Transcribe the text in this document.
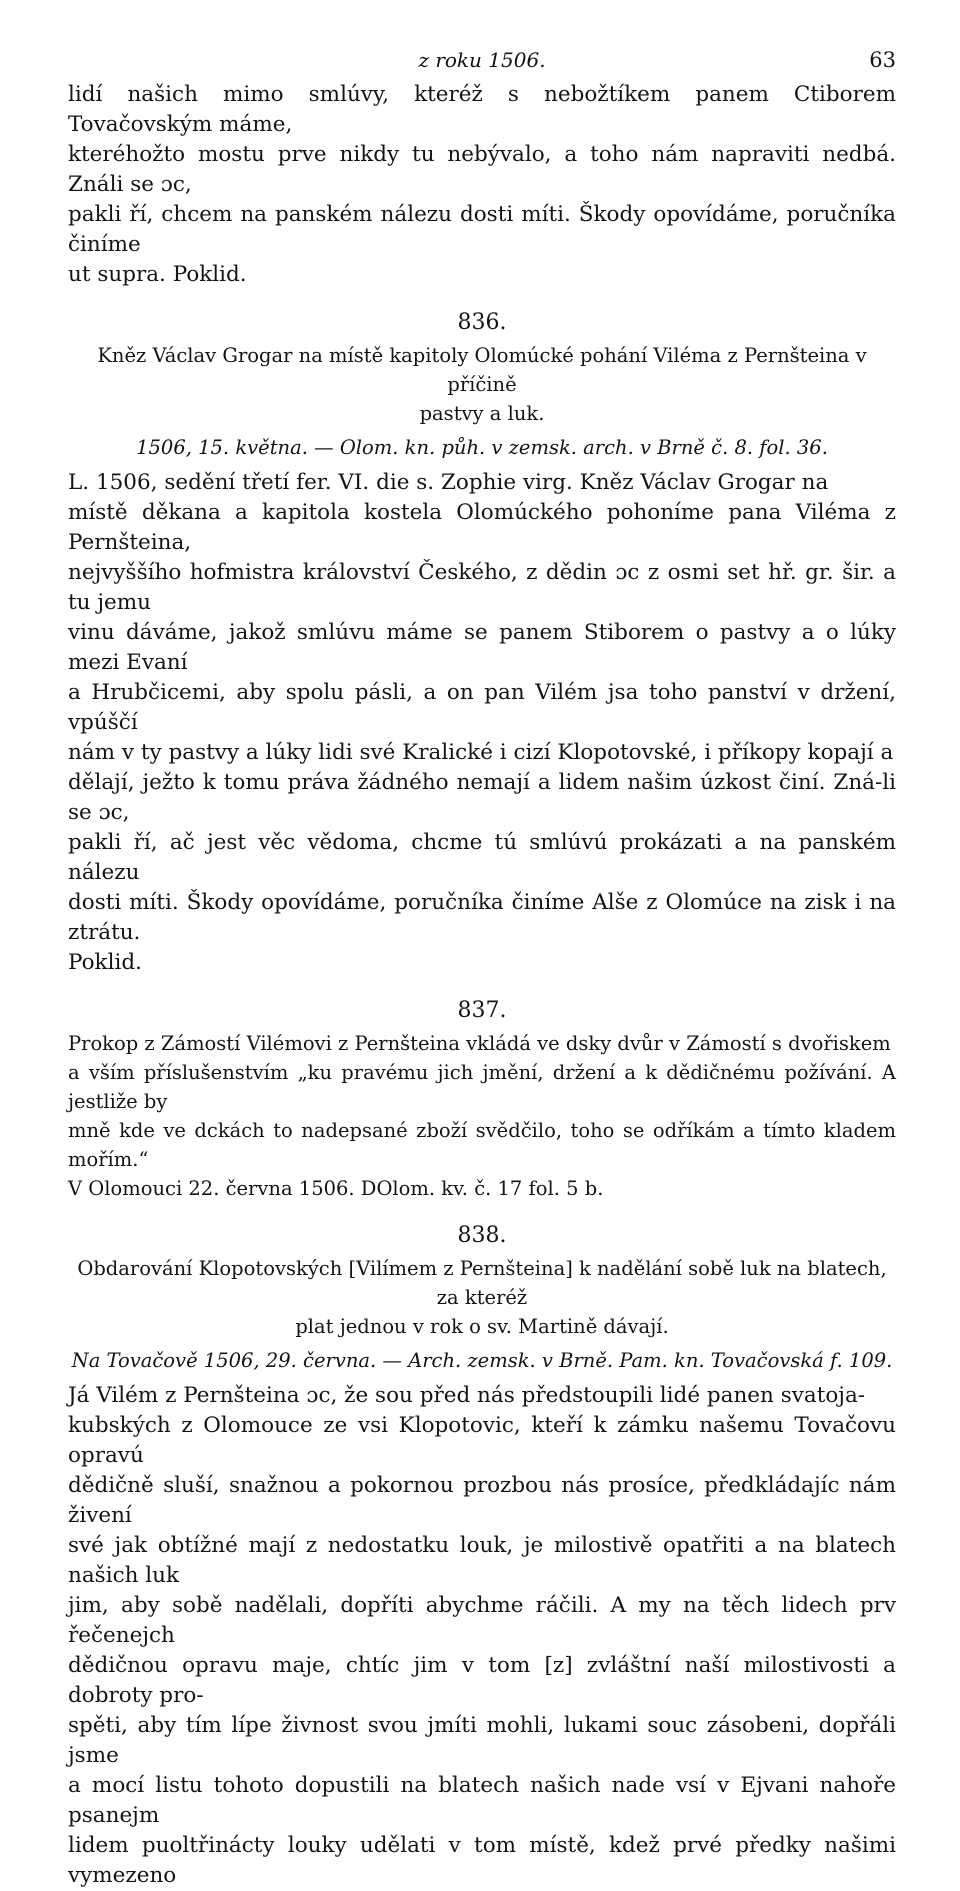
z roku 1506.	63

lidí našich mimo smlúvy, kteréž s nebožtíkem panem Ctiborem Tovačovským máme,
kteréhožto mostu prve nikdy tu nebývalo, a toho nám napraviti nedbá. Ználi se ɔc,
pakli ří, chcem na panském nálezu dosti míti. Škody opovídáme, poručníka činíme
ut supra. Poklid.

836.
Kněz Václav Grogar na místě kapitoly Olomúcké pohání Viléma z Pernšteina v příčině
pastvy a luk.
1506, 15. května. — Olom. kn. půh. v zemsk. arch. v Brně č. 8. fol. 36.

L. 1506, sedění třetí fer. VI. die s. Zophie virg. Kněz Václav Grogar na
místě děkana a kapitola kostela Olomúckého pohoníme pana Viléma z Pernšteina,
nejvyššího hofmistra království Českého, z dědin ɔc z osmi set hř. gr. šir. a tu jemu
vinu dáváme, jakož smlúvu máme se panem Stiborem o pastvy a o lúky mezi Evaní
a Hrubčicemi, aby spolu pásli, a on pan Vilém jsa toho panství v držení, vpúščí
nám v ty pastvy a lúky lidi své Kralické i cizí Klopotovské, i příkopy kopají a
dělají, ježto k tomu práva žádného nemají a lidem našim úzkost činí. Zná-li se ɔc,
pakli ří, ač jest věc vědoma, chcme tú smlúvú prokázati a na panském nálezu
dosti míti. Škody opovídáme, poručníka činíme Alše z Olomúce na zisk i na ztrátu.
Poklid.

837.

Prokop z Zámostí Vilémovi z Pernšteina vkládá ve dsky dvůr v Zámostí s dvořiskem
a vším příslušenstvím „ku pravému jich jmění, držení a k dědičnému požívání. A jestliže by
mně kde ve dckách to nadepsané zboží svědčilo, toho se odříkám a tímto kladem mořím.“
V Olomouci 22. června 1506. DOlom. kv. č. 17 fol. 5 b.

838.
Obdarování Klopotovských [Vilímem z Pernšteina] k nadělání sobě luk na blatech, za kteréž
plat jednou v rok o sv. Martině dávají.
Na Tovačově 1506, 29. června. — Arch. zemsk. v Brně. Pam. kn. Tovačovská f. 109.

Já Vilém z Pernšteina ɔc, že sou před nás předstoupili lidé panen svatoja-
kubských z Olomouce ze vsi Klopotovic, kteří k zámku našemu Tovačovu opravú
dědičně sluší, snažnou a pokornou prozbou nás prosíce, předkládajíc nám živení
své jak obtížné mají z nedostatku louk, je milostivě opatřiti a na blatech našich luk
jim, aby sobě nadělali, dopříti abychme ráčili. A my na těch lidech prv řečenejch
dědičnou opravu maje, chtíc jim v tom [z] zvláštní naší milostivosti a dobroty pro-
spěti, aby tím lípe živnost svou jmíti mohli, lukami souc zásobeni, dopřáli jsme
a mocí listu tohoto dopustili na blatech našich nade vsí v Ejvani nahoře psanejm
lidem puoltřinácty louky udělati v tom místě, kdež prvé předky našimi vymezeno
